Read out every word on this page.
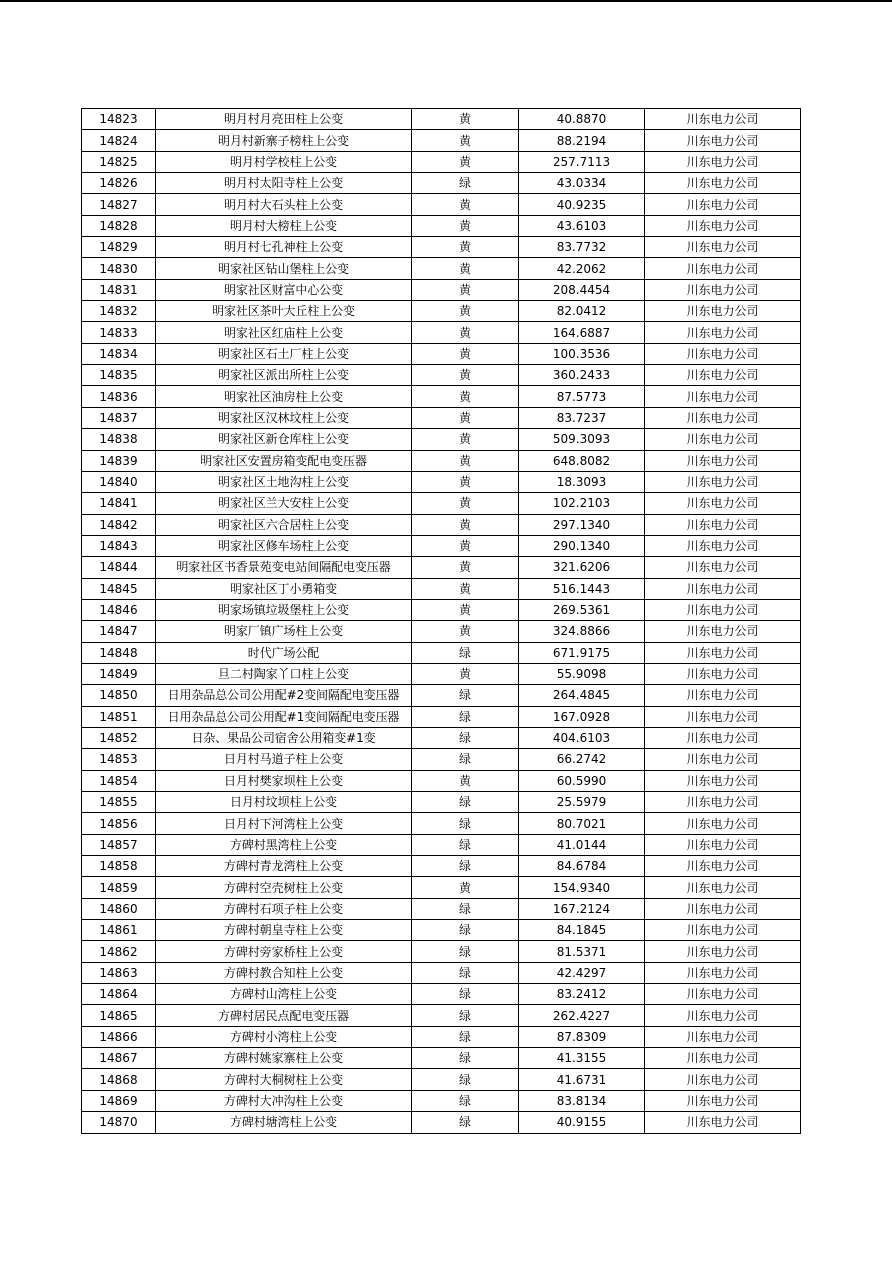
14823	明月村月亮田柱上公变	黄	40.8870	川东电力公司
14824	明月村新寨子榜柱上公变	黄	88.2194	川东电力公司
14825	明月村学校柱上公变	黄	257.7113	川东电力公司
14826	明月村太阳寺柱上公变	绿	43.0334	川东电力公司
14827	明月村大石头柱上公变	黄	40.9235	川东电力公司
14828	明月村大榜柱上公变	黄	43.6103	川东电力公司
14829	明月村七孔神柱上公变	黄	83.7732	川东电力公司
14830	明家社区钻山堡柱上公变	黄	42.2062	川东电力公司
14831	明家社区财富中心公变	黄	208.4454	川东电力公司
14832	明家社区茶叶大丘柱上公变	黄	82.0412	川东电力公司
14833	明家社区红庙柱上公变	黄	164.6887	川东电力公司
14834	明家社区石土厂柱上公变	黄	100.3536	川东电力公司
14835	明家社区派出所柱上公变	黄	360.2433	川东电力公司
14836	明家社区油房柱上公变	黄	87.5773	川东电力公司
14837	明家社区汉林坟柱上公变	黄	83.7237	川东电力公司
14838	明家社区新仓库柱上公变	黄	509.3093	川东电力公司
14839	明家社区安置房箱变配电变压器	黄	648.8082	川东电力公司
14840	明家社区土地沟柱上公变	黄	18.3093	川东电力公司
14841	明家社区兰大安柱上公变	黄	102.2103	川东电力公司
14842	明家社区六合居柱上公变	黄	297.1340	川东电力公司
14843	明家社区修车场柱上公变	黄	290.1340	川东电力公司
14844	明家社区书香景苑变电站间隔配电变压器	黄	321.6206	川东电力公司
14845	明家社区丁小勇箱变	黄	516.1443	川东电力公司
14846	明家场镇垃圾堡柱上公变	黄	269.5361	川东电力公司
14847	明家厂镇广场柱上公变	黄	324.8866	川东电力公司
14848	时代广场公配	绿	671.9175	川东电力公司
14849	旦二村陶家丫口柱上公变	黄	55.9098	川东电力公司
14850	日用杂品总公司公用配#2变间隔配电变压器	绿	264.4845	川东电力公司
14851	日用杂品总公司公用配#1变间隔配电变压器	绿	167.0928	川东电力公司
14852	日杂、果品公司宿舍公用箱变#1变	绿	404.6103	川东电力公司
14853	日月村马道子柱上公变	绿	66.2742	川东电力公司
14854	日月村樊家坝柱上公变	黄	60.5990	川东电力公司
14855	日月村坟坝柱上公变	绿	25.5979	川东电力公司
14856	日月村下河湾柱上公变	绿	80.7021	川东电力公司
14857	方碑村黑湾柱上公变	绿	41.0144	川东电力公司
14858	方碑村青龙湾柱上公变	绿	84.6784	川东电力公司
14859	方碑村空壳树柱上公变	黄	154.9340	川东电力公司
14860	方碑村石项子柱上公变	绿	167.2124	川东电力公司
14861	方碑村朝皇寺柱上公变	绿	84.1845	川东电力公司
14862	方碑村旁家桥柱上公变	绿	81.5371	川东电力公司
14863	方碑村教合知柱上公变	绿	42.4297	川东电力公司
14864	方碑村山湾柱上公变	绿	83.2412	川东电力公司
14865	方碑村居民点配电变压器	绿	262.4227	川东电力公司
14866	方碑村小湾柱上公变	绿	87.8309	川东电力公司
14867	方碑村姚家寨柱上公变	绿	41.3155	川东电力公司
14868	方碑村大桐树柱上公变	绿	41.6731	川东电力公司
14869	方碑村大冲沟柱上公变	绿	83.8134	川东电力公司
14870	方碑村塘湾柱上公变	绿	40.9155	川东电力公司
